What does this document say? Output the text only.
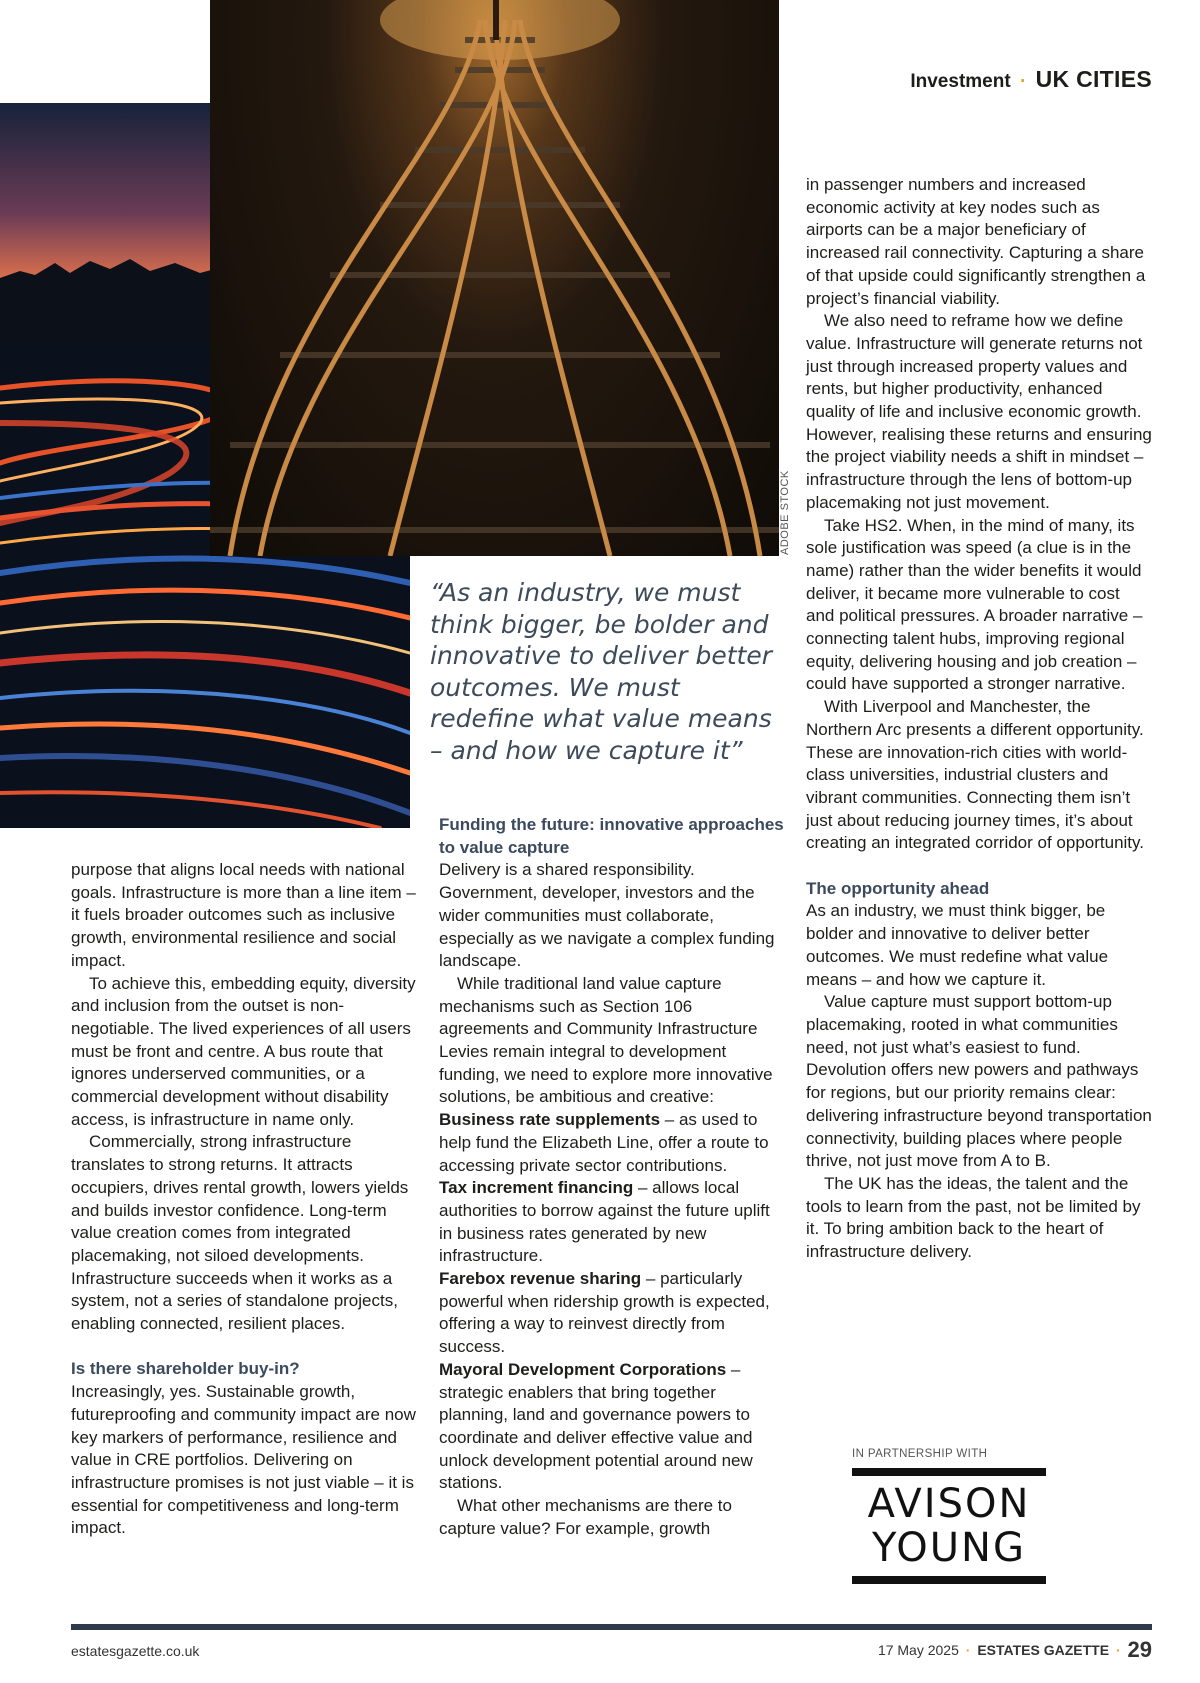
Investment · UK CITIES
ADOBE STOCK
“As an industry, we must think bigger, be bolder and innovative to deliver better outcomes. We must redefine what value means – and how we capture it”

purpose that aligns local needs with national goals. Infrastructure is more than a line item – it fuels broader outcomes such as inclusive growth, environmental resilience and social impact.

To achieve this, embedding equity, diversity and inclusion from the outset is non-negotiable. The lived experiences of all users must be front and centre. A bus route that ignores underserved communities, or a commercial development without disability access, is infrastructure in name only.

Commercially, strong infrastructure translates to strong returns. It attracts occupiers, drives rental growth, lowers yields and builds investor confidence. Long-term value creation comes from integrated placemaking, not siloed developments. Infrastructure succeeds when it works as a system, not a series of standalone projects, enabling connected, resilient places.

Is there shareholder buy-in?

Increasingly, yes. Sustainable growth, futureproofing and community impact are now key markers of performance, resilience and value in CRE portfolios. Delivering on infrastructure promises is not just viable – it is essential for competitiveness and long-term impact.

Funding the future: innovative approaches to value capture

Delivery is a shared responsibility. Government, developer, investors and the wider communities must collaborate, especially as we navigate a complex funding landscape.

While traditional land value capture mechanisms such as Section 106 agreements and Community Infrastructure Levies remain integral to development funding, we need to explore more innovative solutions, be ambitious and creative:

Business rate supplements – as used to help fund the Elizabeth Line, offer a route to accessing private sector contributions.

Tax increment financing – allows local authorities to borrow against the future uplift in business rates generated by new infrastructure.

Farebox revenue sharing – particularly powerful when ridership growth is expected, offering a way to reinvest directly from success.

Mayoral Development Corporations – strategic enablers that bring together planning, land and governance powers to coordinate and deliver effective value and unlock development potential around new stations.

What other mechanisms are there to capture value? For example, growth

in passenger numbers and increased economic activity at key nodes such as airports can be a major beneficiary of increased rail connectivity. Capturing a share of that upside could significantly strengthen a project’s financial viability.

We also need to reframe how we define value. Infrastructure will generate returns not just through increased property values and rents, but higher productivity, enhanced quality of life and inclusive economic growth. However, realising these returns and ensuring the project viability needs a shift in mindset – infrastructure through the lens of bottom-up placemaking not just movement.

Take HS2. When, in the mind of many, its sole justification was speed (a clue is in the name) rather than the wider benefits it would deliver, it became more vulnerable to cost and political pressures. A broader narrative – connecting talent hubs, improving regional equity, delivering housing and job creation – could have supported a stronger narrative.

With Liverpool and Manchester, the Northern Arc presents a different opportunity. These are innovation-rich cities with world-class universities, industrial clusters and vibrant communities. Connecting them isn’t just about reducing journey times, it’s about creating an integrated corridor of opportunity.

The opportunity ahead

As an industry, we must think bigger, be bolder and innovative to deliver better outcomes. We must redefine what value means – and how we capture it.

Value capture must support bottom-up placemaking, rooted in what communities need, not just what’s easiest to fund. Devolution offers new powers and pathways for regions, but our priority remains clear: delivering infrastructure beyond transportation connectivity, building places where people thrive, not just move from A to B.

The UK has the ideas, the talent and the tools to learn from the past, not be limited by it. To bring ambition back to the heart of infrastructure delivery.

IN PARTNERSHIP WITH
AVISON
YOUNG
estatesgazette.co.uk	17 May 2025 · ESTATES GAZETTE · 29
